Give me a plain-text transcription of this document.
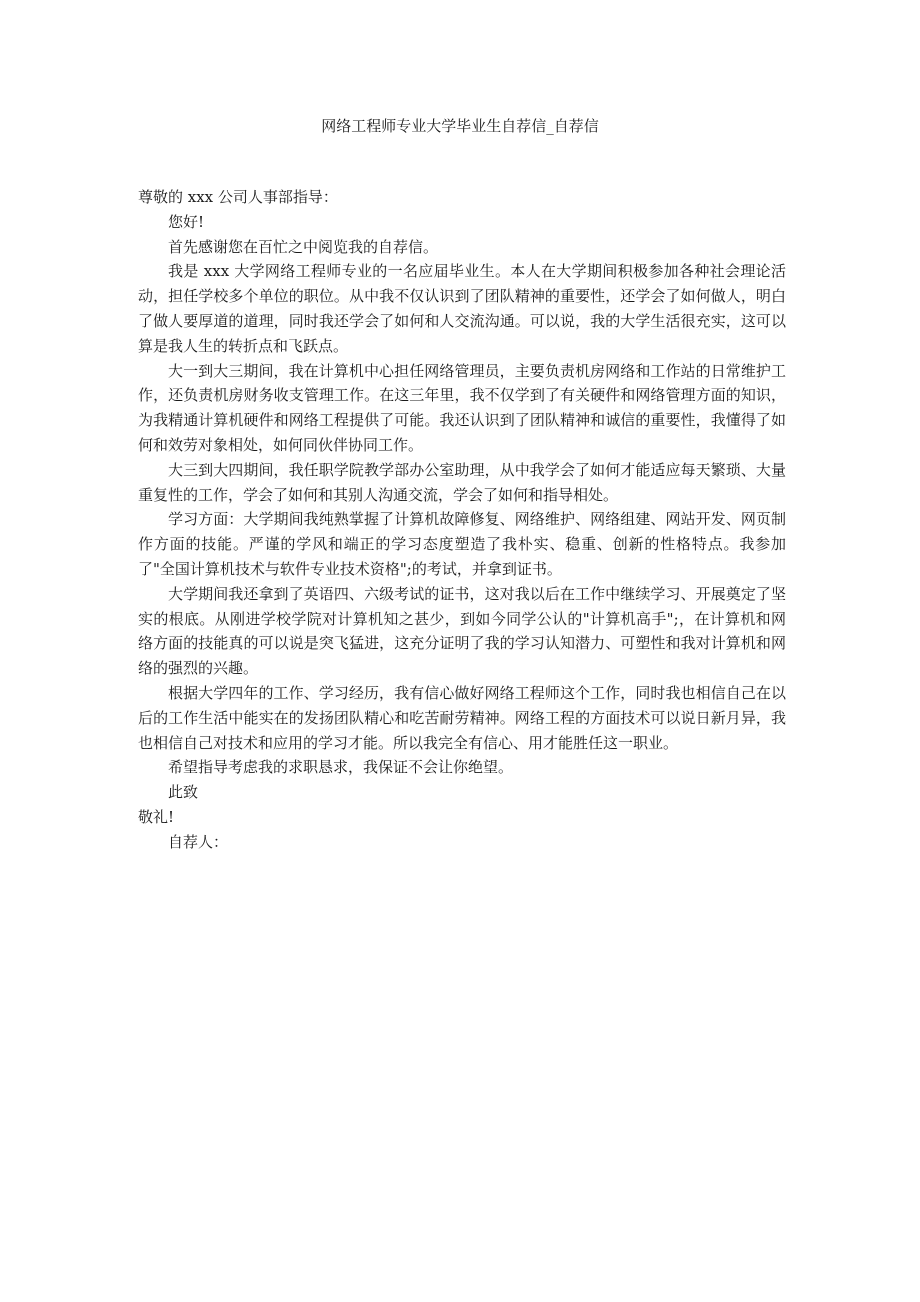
网络工程师专业大学毕业生自荐信_自荐信

尊敬的 xxx 公司人事部指导：

您好!

首先感谢您在百忙之中阅览我的自荐信。

我是 xxx 大学网络工程师专业的一名应届毕业生。本人在大学期间积极参加各种社会理论活动，担任学校多个单位的职位。从中我不仅认识到了团队精神的重要性，还学会了如何做人，明白了做人要厚道的道理，同时我还学会了如何和人交流沟通。可以说，我的大学生活很充实，这可以算是我人生的转折点和飞跃点。

大一到大三期间，我在计算机中心担任网络管理员，主要负责机房网络和工作站的日常维护工作，还负责机房财务收支管理工作。在这三年里，我不仅学到了有关硬件和网络管理方面的知识，为我精通计算机硬件和网络工程提供了可能。我还认识到了团队精神和诚信的重要性，我懂得了如何和效劳对象相处，如何同伙伴协同工作。

大三到大四期间，我任职学院教学部办公室助理，从中我学会了如何才能适应每天繁琐、大量重复性的工作，学会了如何和其别人沟通交流，学会了如何和指导相处。

学习方面：大学期间我纯熟掌握了计算机故障修复、网络维护、网络组建、网站开发、网页制作方面的技能。严谨的学风和端正的学习态度塑造了我朴实、稳重、创新的性格特点。我参加了"全国计算机技术与软件专业技术资格";的考试，并拿到证书。

大学期间我还拿到了英语四、六级考试的证书，这对我以后在工作中继续学习、开展奠定了坚实的根底。从刚进学校学院对计算机知之甚少，到如今同学公认的"计算机高手";，在计算机和网络方面的技能真的可以说是突飞猛进，这充分证明了我的学习认知潜力、可塑性和我对计算机和网络的强烈的兴趣。

根据大学四年的工作、学习经历，我有信心做好网络工程师这个工作，同时我也相信自己在以后的工作生活中能实在的发扬团队精心和吃苦耐劳精神。网络工程的方面技术可以说日新月异，我也相信自己对技术和应用的学习才能。所以我完全有信心、用才能胜任这一职业。

希望指导考虑我的求职恳求，我保证不会让你绝望。

此致

敬礼!

自荐人：
